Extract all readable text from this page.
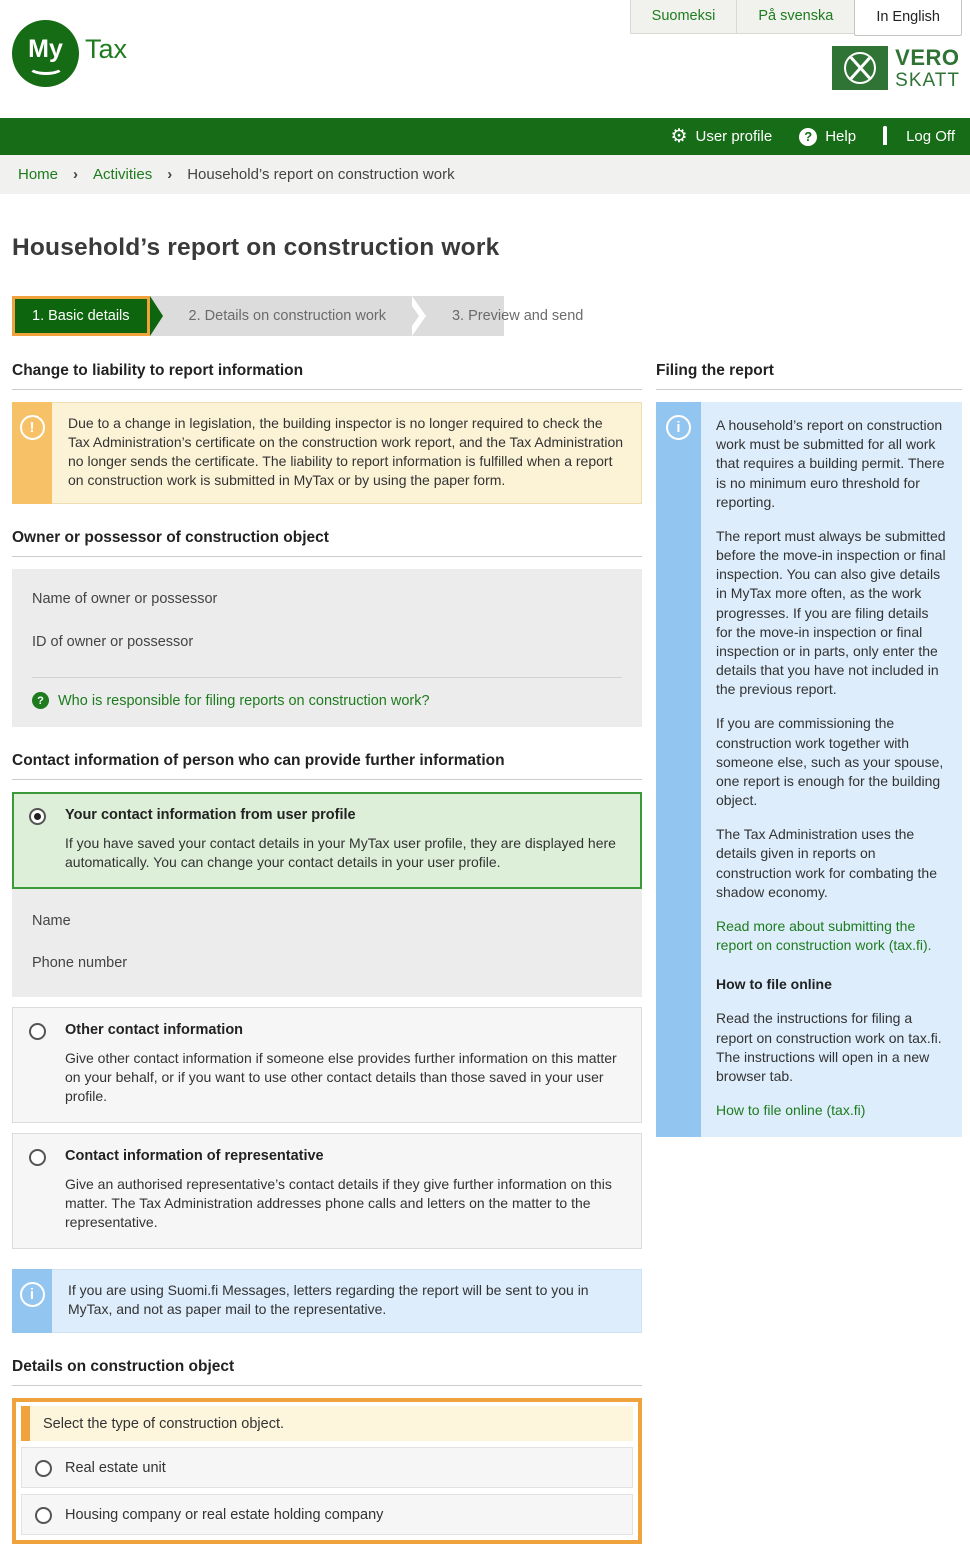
Suomeksi	På svenska	In English
My Tax	VERO
SKATT
⚙ User profile	? Help	Log Off
Home › Activities › Household’s report on construction work
Household’s report on construction work
1. Basic details	2. Details on construction work	3. Preview and send
Change to liability to report information
!	Due to a change in legislation, the building inspector is no longer required to check the Tax Administration’s certificate on the construction work report, and the Tax Administration no longer sends the certificate. The liability to report information is fulfilled when a report on construction work is submitted in MyTax or by using the paper form.
Owner or possessor of construction object
Name of owner or possessor
ID of owner or possessor
? Who is responsible for filing reports on construction work?
Contact information of person who can provide further information
Your contact information from user profile
If you have saved your contact details in your MyTax user profile, they are displayed here automatically. You can change your contact details in your user profile.
Name
Phone number
Other contact information
Give other contact information if someone else provides further information on this matter on your behalf, or if you want to use other contact details than those saved in your user profile.
Contact information of representative
Give an authorised representative’s contact details if they give further information on this matter. The Tax Administration addresses phone calls and letters on the matter to the representative.
i	If you are using Suomi.fi Messages, letters regarding the report will be sent to you in MyTax, and not as paper mail to the representative.
Details on construction object
Select the type of construction object.
Real estate unit
Housing company or real estate holding company
Filing the report
i	A household’s report on construction work must be submitted for all work that requires a building permit. There is no minimum euro threshold for reporting.

The report must always be submitted before the move-in inspection or final inspection. You can also give details in MyTax more often, as the work progresses. If you are filing details for the move-in inspection or final inspection or in parts, only enter the details that you have not included in the previous report.

If you are commissioning the construction work together with someone else, such as your spouse, one report is enough for the building object.

The Tax Administration uses the details given in reports on construction work for combating the shadow economy.

Read more about submitting the report on construction work (tax.fi).

How to file online

Read the instructions for filing a report on construction work on tax.fi. The instructions will open in a new browser tab.

How to file online (tax.fi)
